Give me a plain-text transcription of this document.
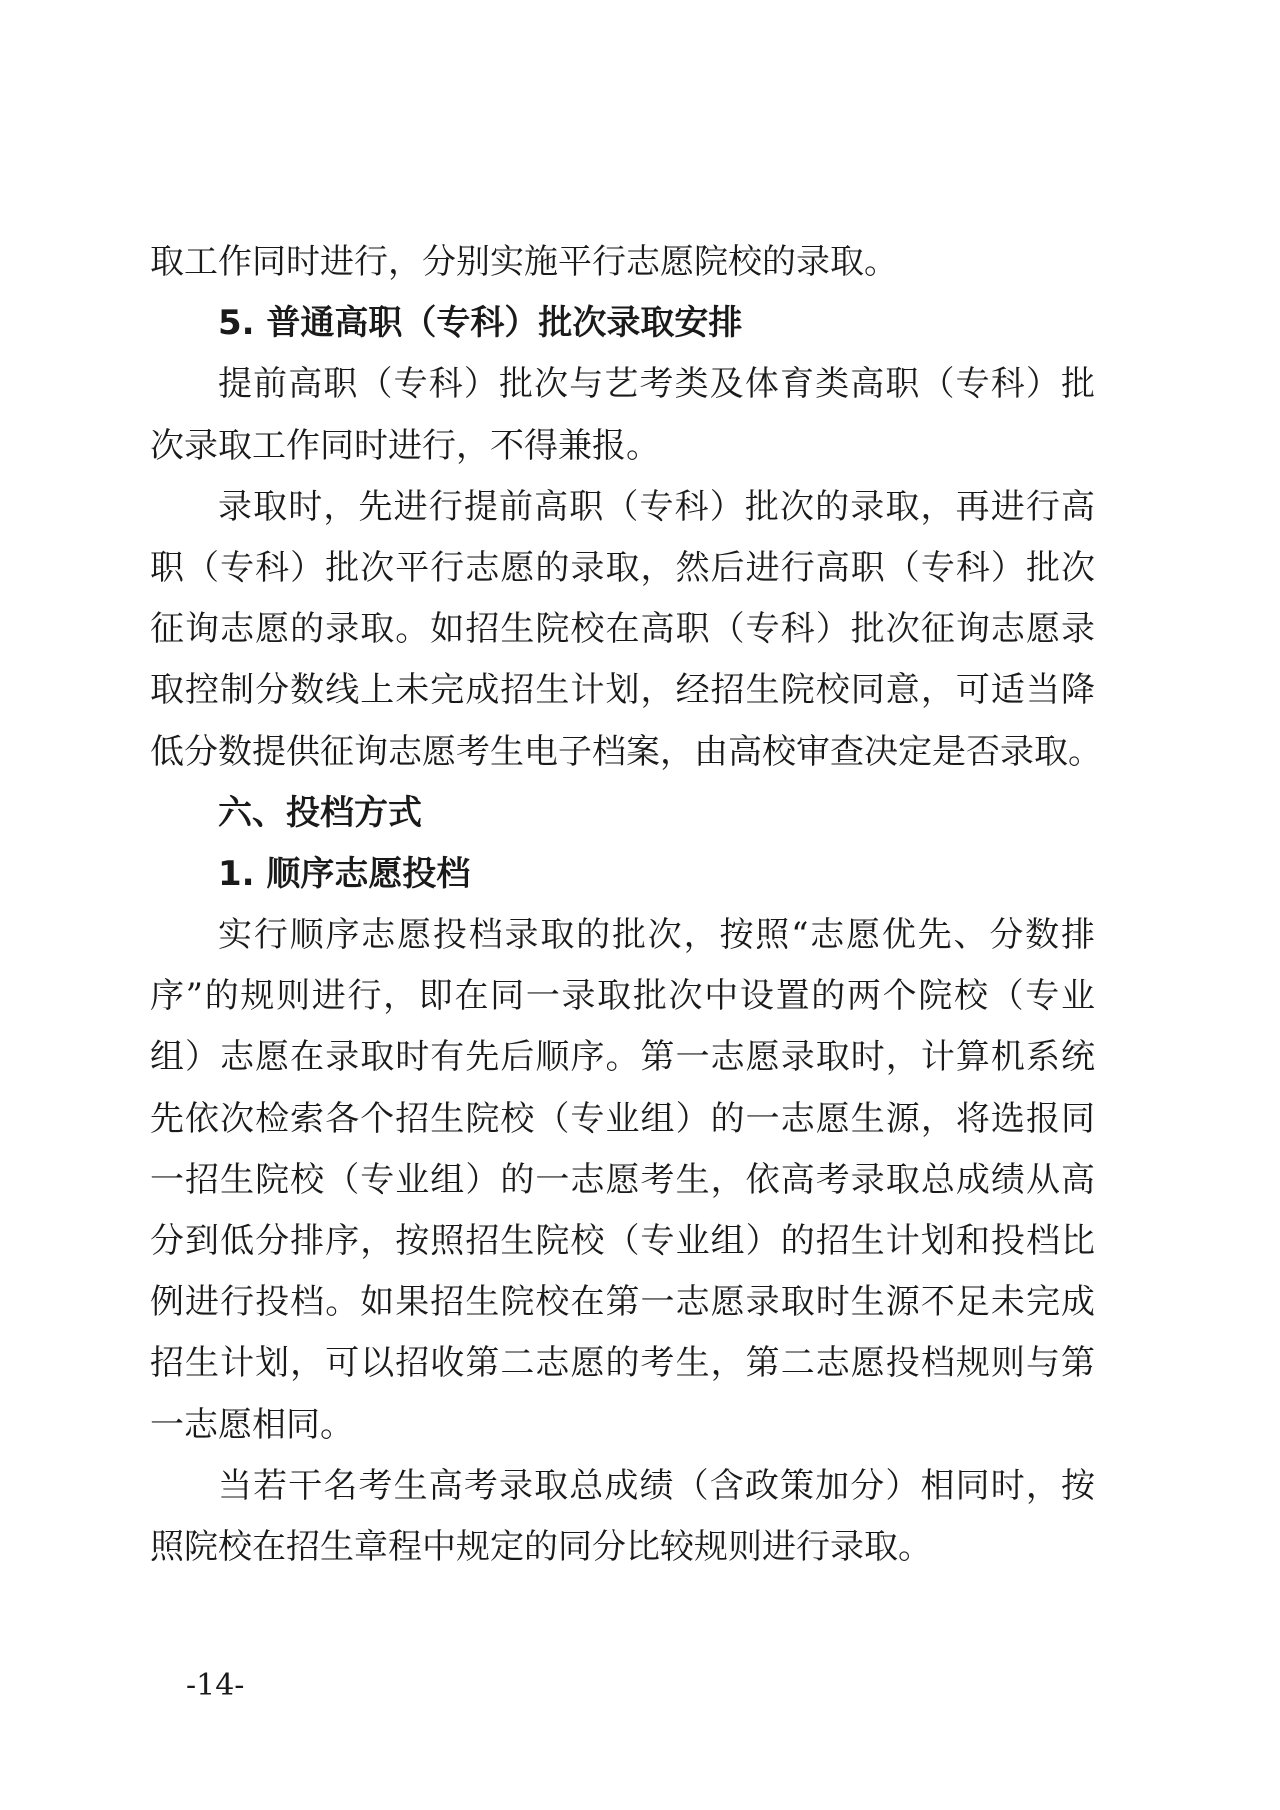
取工作同时进行，分别实施平行志愿院校的录取。
5. 普通高职（专科）批次录取安排
提前高职（专科）批次与艺考类及体育类高职（专科）批
次录取工作同时进行，不得兼报。
录取时，先进行提前高职（专科）批次的录取，再进行高
职（专科）批次平行志愿的录取，然后进行高职（专科）批次
征询志愿的录取。如招生院校在高职（专科）批次征询志愿录
取控制分数线上未完成招生计划，经招生院校同意，可适当降
低分数提供征询志愿考生电子档案，由高校审查决定是否录取。
六、投档方式
1. 顺序志愿投档
实行顺序志愿投档录取的批次，按照“志愿优先、分数排
序”的规则进行，即在同一录取批次中设置的两个院校（专业
组）志愿在录取时有先后顺序。第一志愿录取时，计算机系统
先依次检索各个招生院校（专业组）的一志愿生源，将选报同
一招生院校（专业组）的一志愿考生，依高考录取总成绩从高
分到低分排序，按照招生院校（专业组）的招生计划和投档比
例进行投档。如果招生院校在第一志愿录取时生源不足未完成
招生计划，可以招收第二志愿的考生，第二志愿投档规则与第
一志愿相同。
当若干名考生高考录取总成绩（含政策加分）相同时，按
照院校在招生章程中规定的同分比较规则进行录取。
-14-
